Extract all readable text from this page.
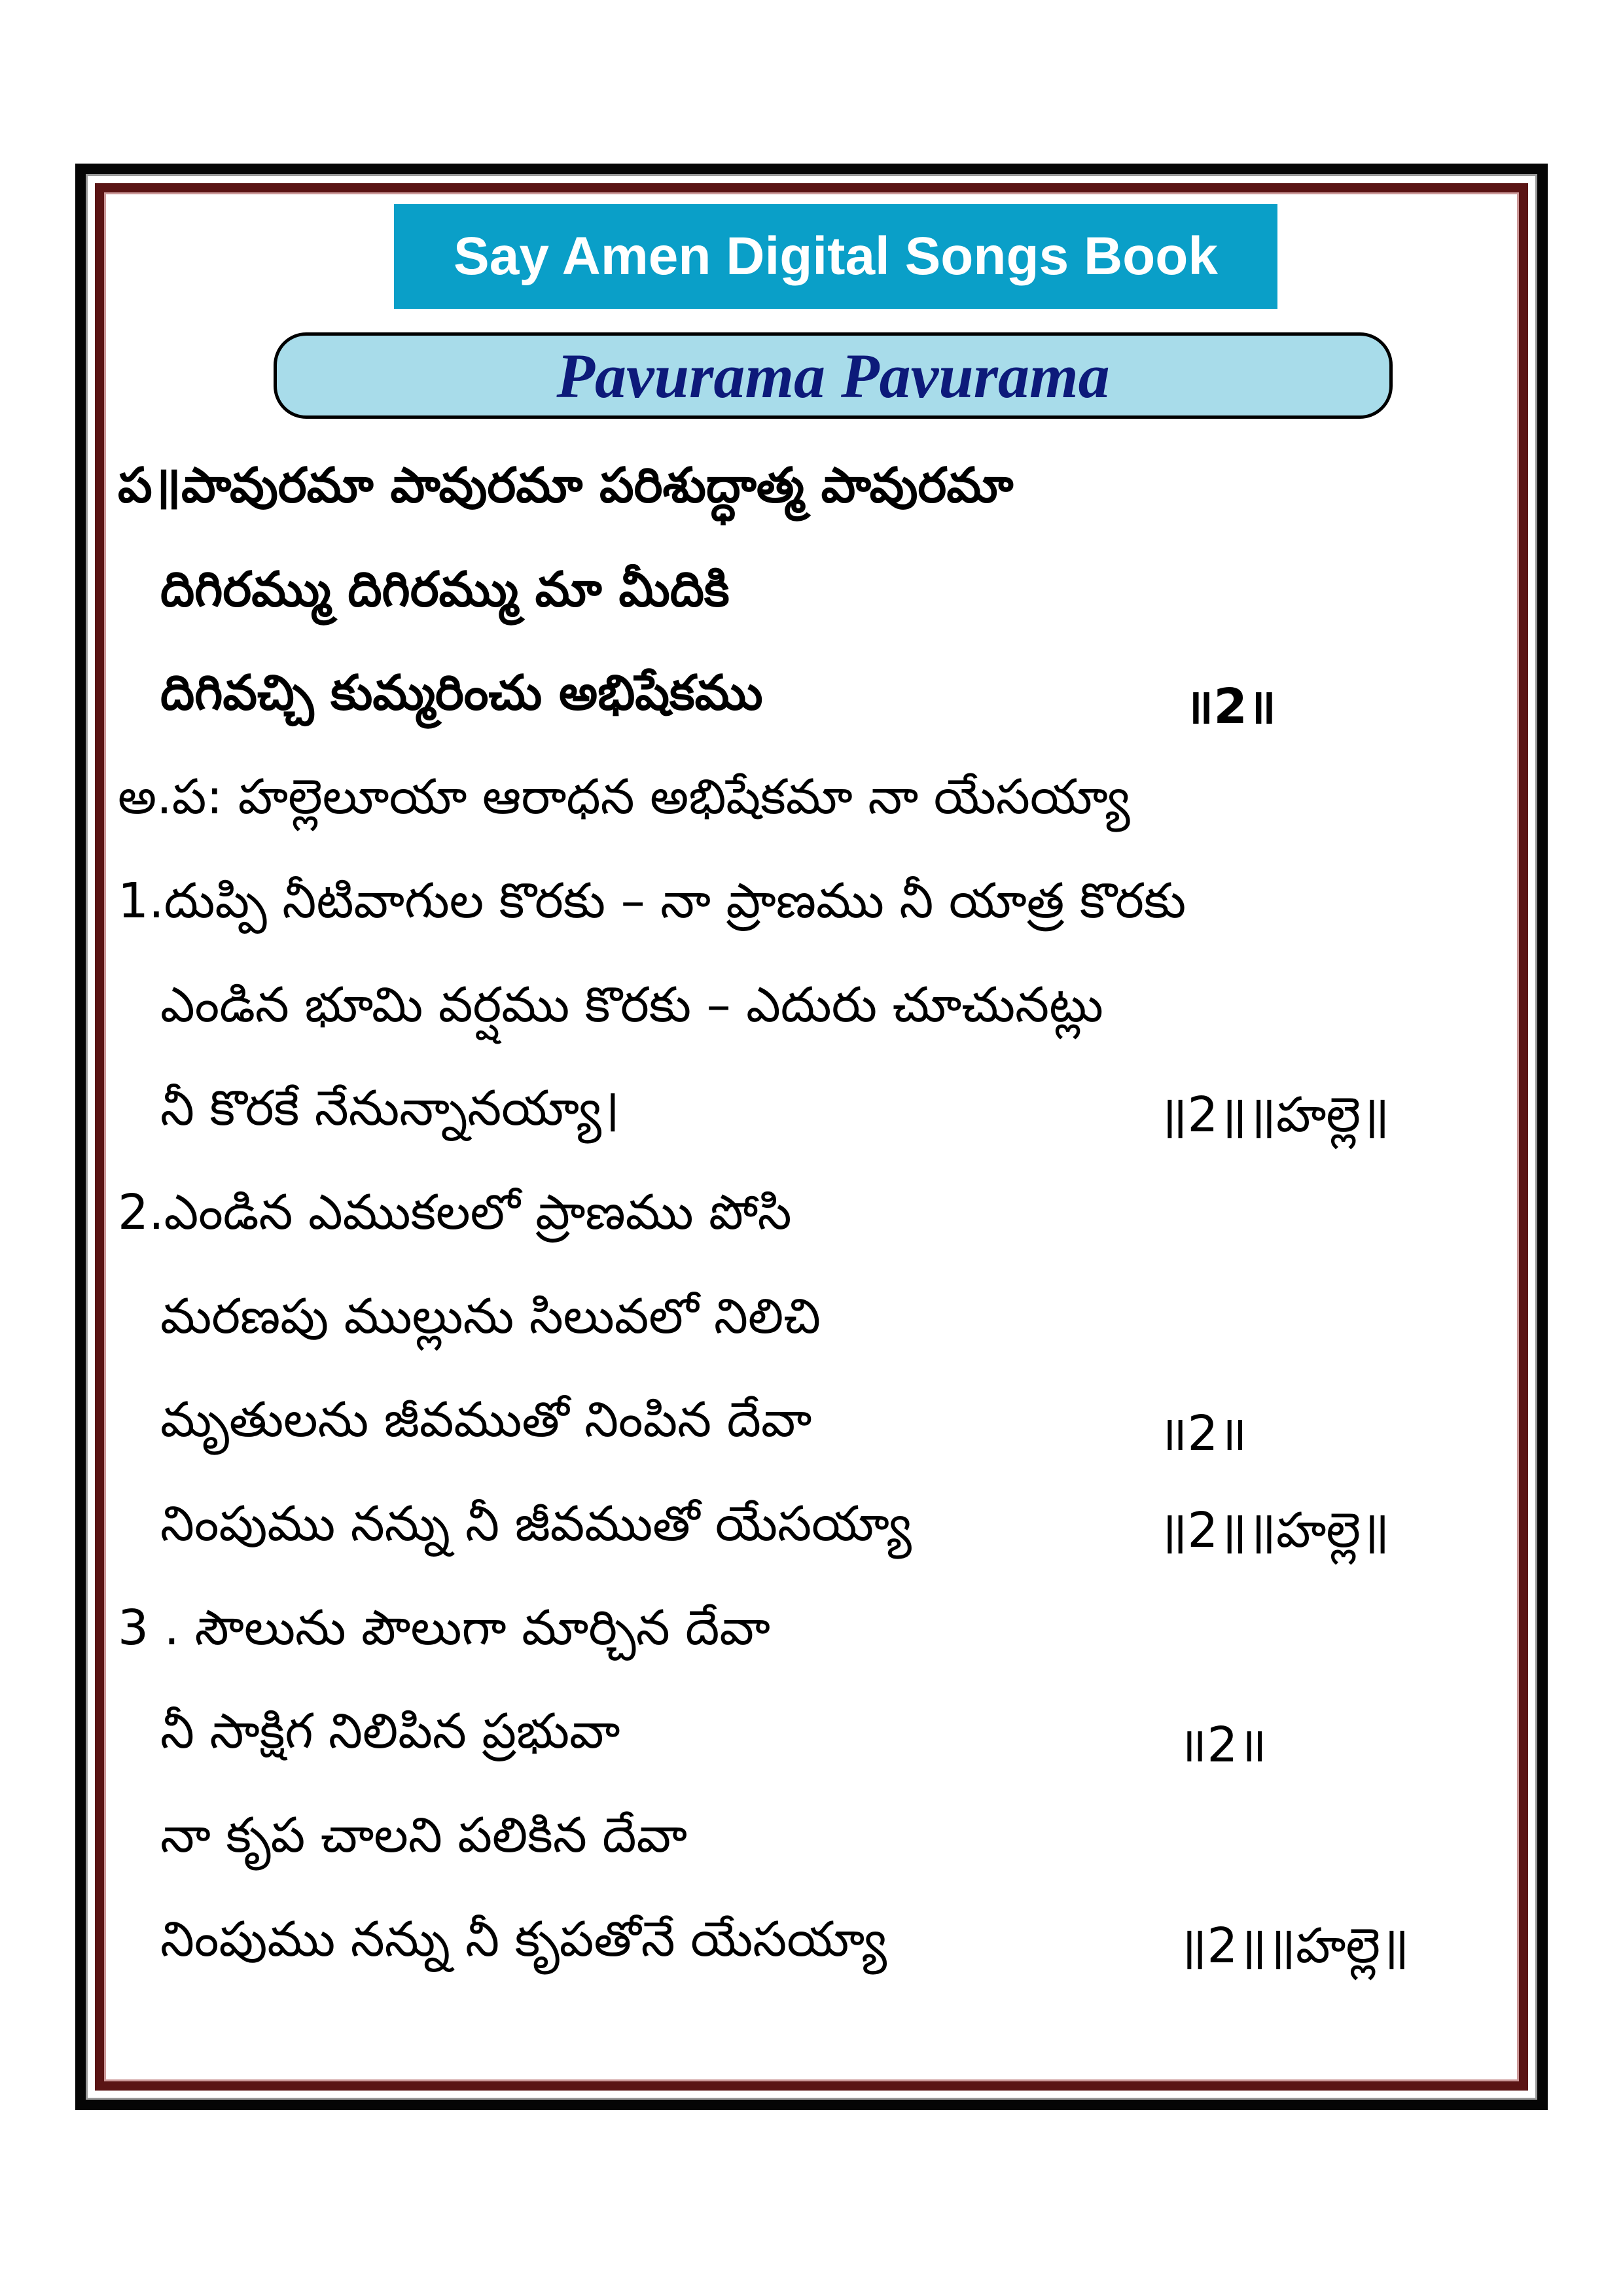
Say Amen Digital Songs Book
Pavurama Pavurama
ప॥పావురమా పావురమా పరిశుద్ధాత్మ పావురమా
దిగిరమ్ము దిగిరమ్ము మా మీదికి
దిగివచ్చి కుమ్మరించు అభిషేకము	॥2॥
అ.ప: హల్లెలూయా ఆరాధన అభిషేకమా నా యేసయ్యా
1.దుప్పి నీటివాగుల కొరకు – నా ప్రాణము నీ యాత్ర కొరకు
ఎండిన భూమి వర్షము కొరకు – ఎదురు చూచునట్లు
నీ కొరకే నేనున్నానయ్యా।	॥2॥॥హల్లె॥
2.ఎండిన ఎముకలలో ప్రాణము పోసి
మరణపు ముల్లును సిలువలో నిలిచి
మృతులను జీవముతో నింపిన దేవా	॥2॥
నింపుము నన్ను నీ జీవముతో యేసయ్యా	॥2॥॥హల్లె॥
3 . సౌలును పౌలుగా మార్చిన దేవా
నీ సాక్షిగ నిలిపిన ప్రభువా	॥2॥
నా కృప చాలని పలికిన దేవా
నింపుము నన్ను నీ కృపతోనే యేసయ్యా	॥2॥॥హల్లె॥
